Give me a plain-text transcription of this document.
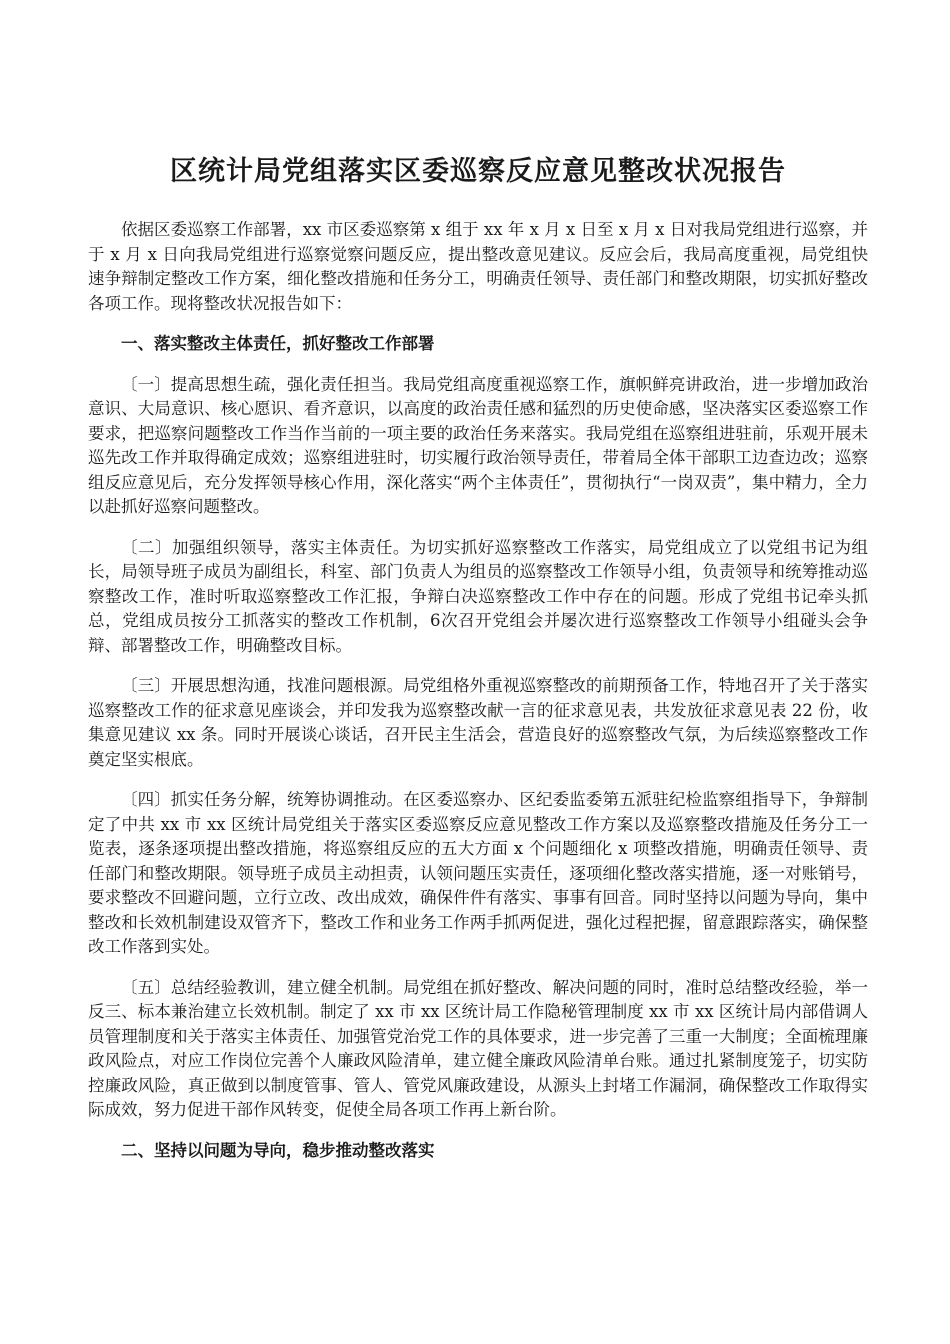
区统计局党组落实区委巡察反应意见整改状况报告

依据区委巡察工作部署，xx 市区委巡察第 x 组于 xx 年 x 月 x 日至 x 月 x 日对我局党组进行巡察，并于 x 月 x 日向我局党组进行巡察觉察问题反应，提出整改意见建议。反应会后，我局高度重视，局党组快速争辩制定整改工作方案，细化整改措施和任务分工，明确责任领导、责任部门和整改期限，切实抓好整改各项工作。现将整改状况报告如下：

一、落实整改主体责任，抓好整改工作部署

〔一〕提高思想生疏，强化责任担当。我局党组高度重视巡察工作，旗帜鲜亮讲政治，进一步增加政治意识、大局意识、核心愿识、看齐意识，以高度的政治责任感和猛烈的历史使命感，坚决落实区委巡察工作要求，把巡察问题整改工作当作当前的一项主要的政治任务来落实。我局党组在巡察组进驻前，乐观开展未巡先改工作并取得确定成效；巡察组进驻时，切实履行政治领导责任，带着局全体干部职工边查边改；巡察组反应意见后，充分发挥领导核心作用，深化落实“两个主体责任”，贯彻执行“一岗双责”，集中精力，全力以赴抓好巡察问题整改。

〔二〕加强组织领导，落实主体责任。为切实抓好巡察整改工作落实，局党组成立了以党组书记为组长，局领导班子成员为副组长，科室、部门负责人为组员的巡察整改工作领导小组，负责领导和统筹推动巡察整改工作，准时听取巡察整改工作汇报，争辩白决巡察整改工作中存在的问题。形成了党组书记牵头抓总，党组成员按分工抓落实的整改工作机制，6次召开党组会并屡次进行巡察整改工作领导小组碰头会争辩、部署整改工作，明确整改目标。

〔三〕开展思想沟通，找准问题根源。局党组格外重视巡察整改的前期预备工作，特地召开了关于落实巡察整改工作的征求意见座谈会，并印发我为巡察整改献一言的征求意见表，共发放征求意见表 22 份，收集意见建议 xx 条。同时开展谈心谈话，召开民主生活会，营造良好的巡察整改气氛，为后续巡察整改工作奠定坚实根底。

〔四〕抓实任务分解，统筹协调推动。在区委巡察办、区纪委监委第五派驻纪检监察组指导下，争辩制定了中共 xx 市 xx 区统计局党组关于落实区委巡察反应意见整改工作方案以及巡察整改措施及任务分工一览表，逐条逐项提出整改措施，将巡察组反应的五大方面 x 个问题细化 x 项整改措施，明确责任领导、责任部门和整改期限。领导班子成员主动担责，认领问题压实责任，逐项细化整改落实措施，逐一对账销号，要求整改不回避问题，立行立改、改出成效，确保件件有落实、事事有回音。同时坚持以问题为导向，集中整改和长效机制建设双管齐下，整改工作和业务工作两手抓两促进，强化过程把握，留意跟踪落实，确保整改工作落到实处。

〔五〕总结经验教训，建立健全机制。局党组在抓好整改、解决问题的同时，准时总结整改经验，举一反三、标本兼治建立长效机制。制定了 xx 市 xx 区统计局工作隐秘管理制度 xx 市 xx 区统计局内部借调人员管理制度和关于落实主体责任、加强管党治党工作的具体要求，进一步完善了三重一大制度；全面梳理廉政风险点，对应工作岗位完善个人廉政风险清单，建立健全廉政风险清单台账。通过扎紧制度笼子，切实防控廉政风险，真正做到以制度管事、管人、管党风廉政建设，从源头上封堵工作漏洞，确保整改工作取得实际成效，努力促进干部作风转变，促使全局各项工作再上新台阶。

二、坚持以问题为导向，稳步推动整改落实
